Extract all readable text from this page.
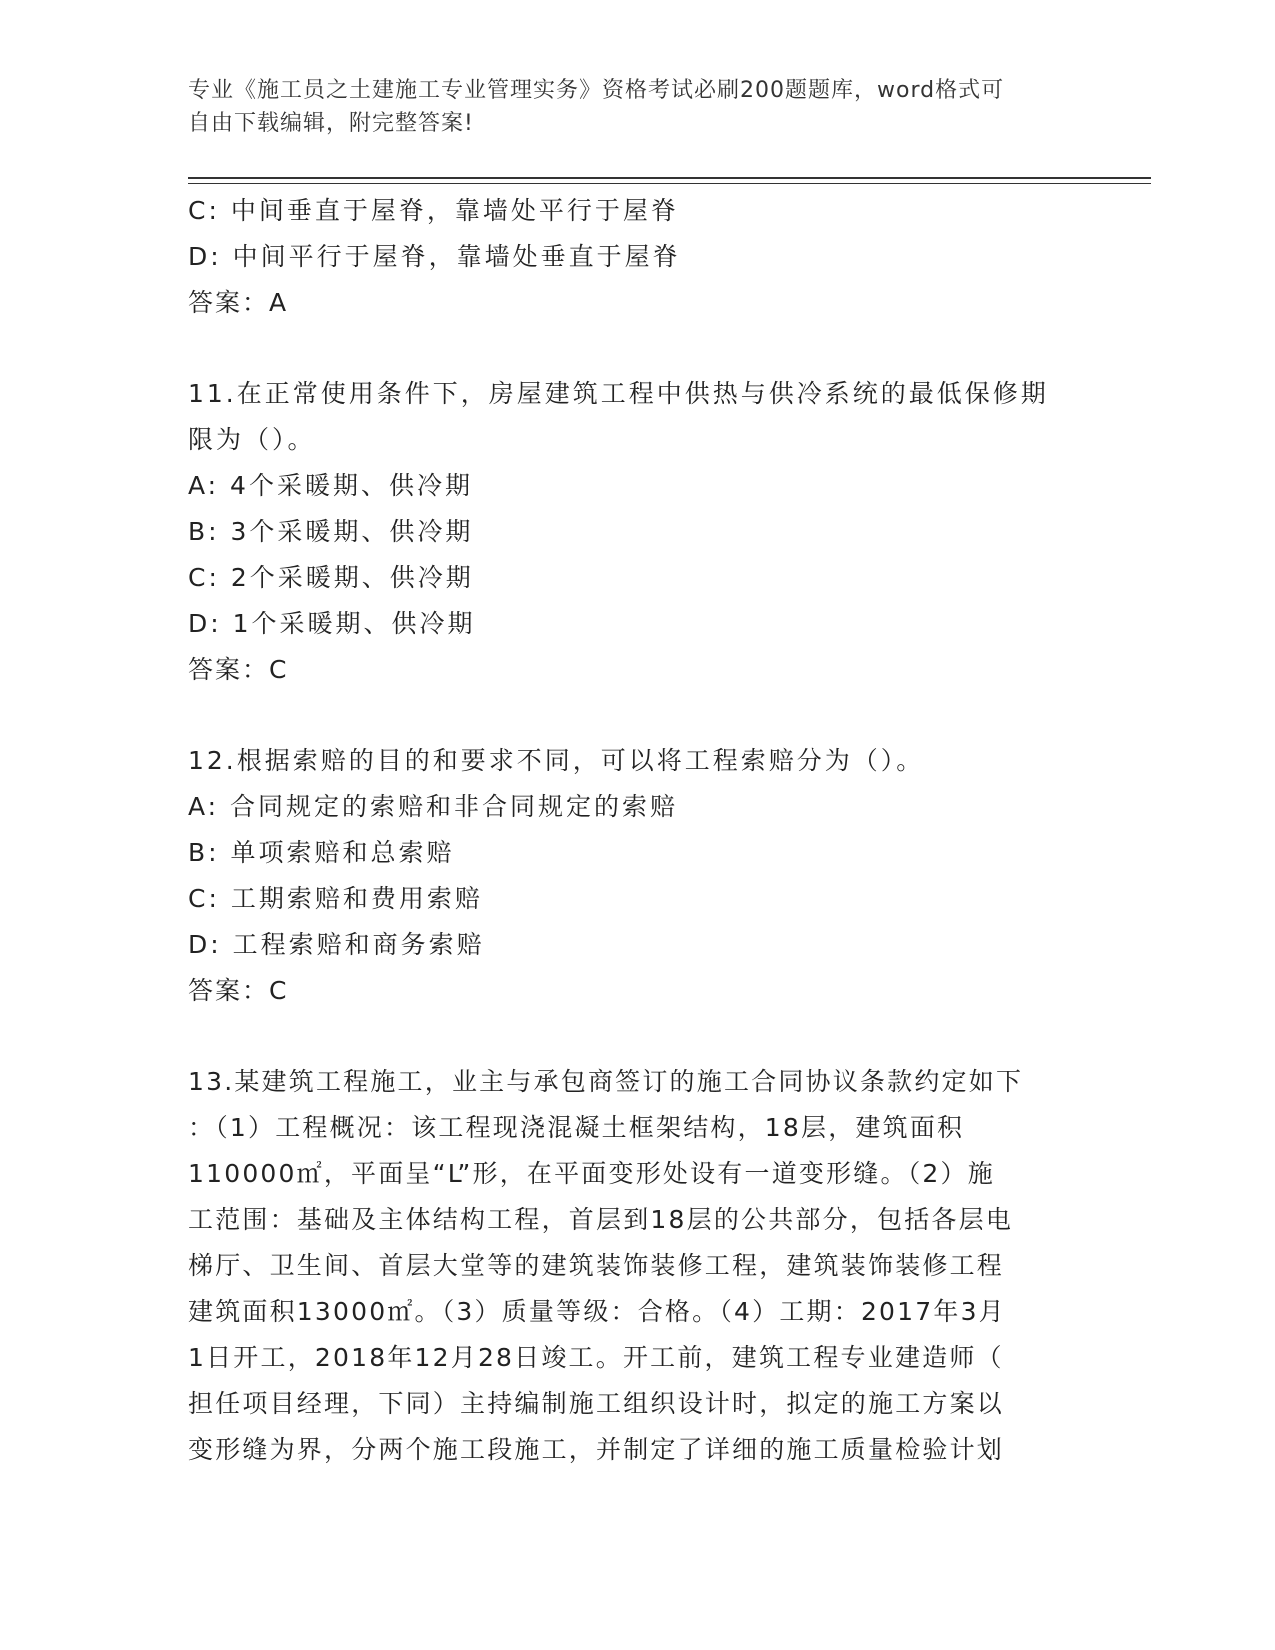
专业《施工员之土建施工专业管理实务》资格考试必刷200题题库，word格式可
自由下载编辑，附完整答案!
C: 中间垂直于屋脊，靠墙处平行于屋脊
D: 中间平行于屋脊，靠墙处垂直于屋脊
答案：A
11.在正常使用条件下，房屋建筑工程中供热与供冷系统的最低保修期
限为（）。
A: 4个采暖期、供冷期
B: 3个采暖期、供冷期
C: 2个采暖期、供冷期
D: 1个采暖期、供冷期
答案：C
12.根据索赔的目的和要求不同，可以将工程索赔分为（）。
A: 合同规定的索赔和非合同规定的索赔
B: 单项索赔和总索赔
C: 工期索赔和费用索赔
D: 工程索赔和商务索赔
答案：C
13.某建筑工程施工，业主与承包商签订的施工合同协议条款约定如下
：（1）工程概况：该工程现浇混凝土框架结构，18层，建筑面积
110000㎡，平面呈“L”形，在平面变形处设有一道变形缝。（2）施
工范围：基础及主体结构工程，首层到18层的公共部分，包括各层电
梯厅、卫生间、首层大堂等的建筑装饰装修工程，建筑装饰装修工程
建筑面积13000㎡。（3）质量等级：合格。（4）工期：2017年3月
1日开工，2018年12月28日竣工。开工前，建筑工程专业建造师（
担任项目经理，下同）主持编制施工组织设计时，拟定的施工方案以
变形缝为界，分两个施工段施工，并制定了详细的施工质量检验计划
